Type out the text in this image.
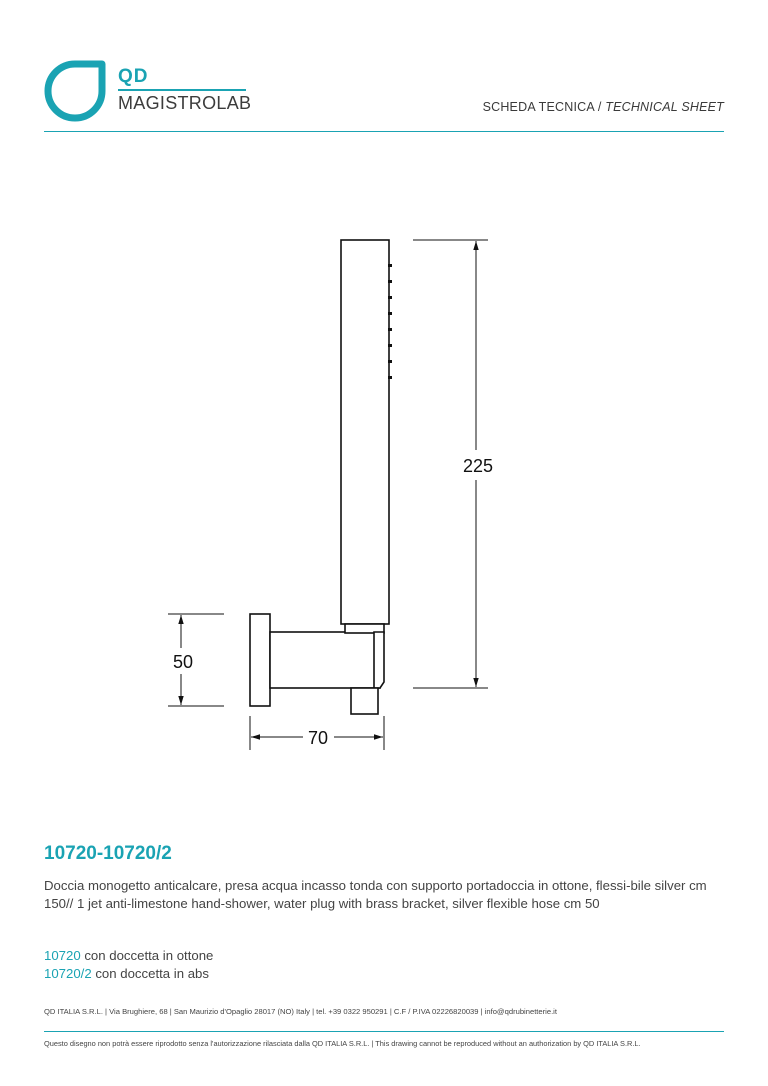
QD
MAGISTROLAB	SCHEDA TECNICA / TECHNICAL SHEET
225
50
70
10720-10720/2
Doccia monogetto anticalcare, presa acqua incasso tonda con supporto portadoccia in ottone, flessi-bile silver cm 150// 1 jet anti-limestone hand-shower, water plug with brass bracket, silver flexible hose cm 50
10720 con doccetta in ottone
10720/2 con doccetta in abs
QD ITALIA S.R.L. | Via Brughiere, 68 | San Maurizio d'Opaglio 28017 (NO) Italy | tel. +39 0322 950291 | C.F / P.IVA 02226820039 | info@qdrubinetterie.it
Questo disegno non potrà essere riprodotto senza l'autorizzazione rilasciata dalla QD ITALIA S.R.L. | This drawing cannot be reproduced without an authorization by QD ITALIA S.R.L.
